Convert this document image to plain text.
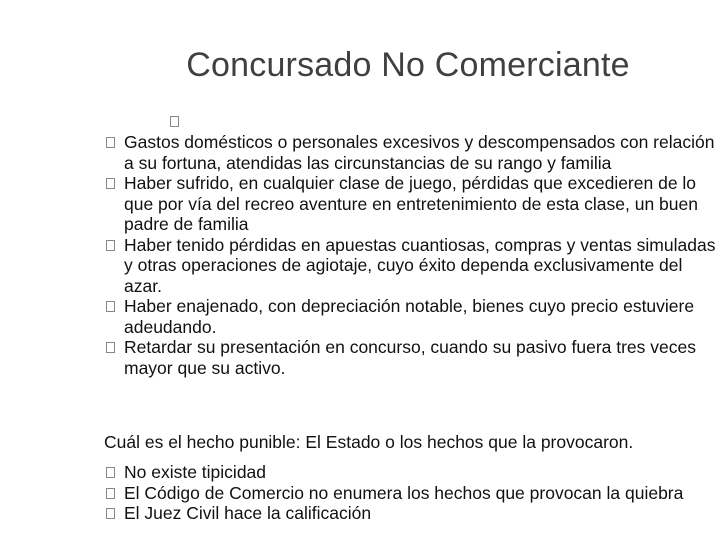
Concursado No Comerciante

Gastos domésticos o personales excesivos y descompensados con relación a su fortuna, atendidas las circunstancias de su rango y familia

Haber sufrido, en cualquier clase de juego, pérdidas que excedieren de lo que por vía del recreo aventure en entretenimiento de esta clase, un buen padre de familia

Haber tenido pérdidas en apuestas cuantiosas, compras y ventas simuladas y otras operaciones de agiotaje, cuyo éxito dependa exclusivamente del azar.

Haber enajenado, con depreciación notable, bienes cuyo precio estuviere adeudando.

Retardar su presentación en concurso, cuando su pasivo fuera tres veces mayor que su activo.

Cuál es el hecho punible: El Estado o los hechos que la provocaron.

No existe tipicidad

El Código de Comercio no enumera los hechos que provocan la quiebra

El Juez Civil hace la calificación
